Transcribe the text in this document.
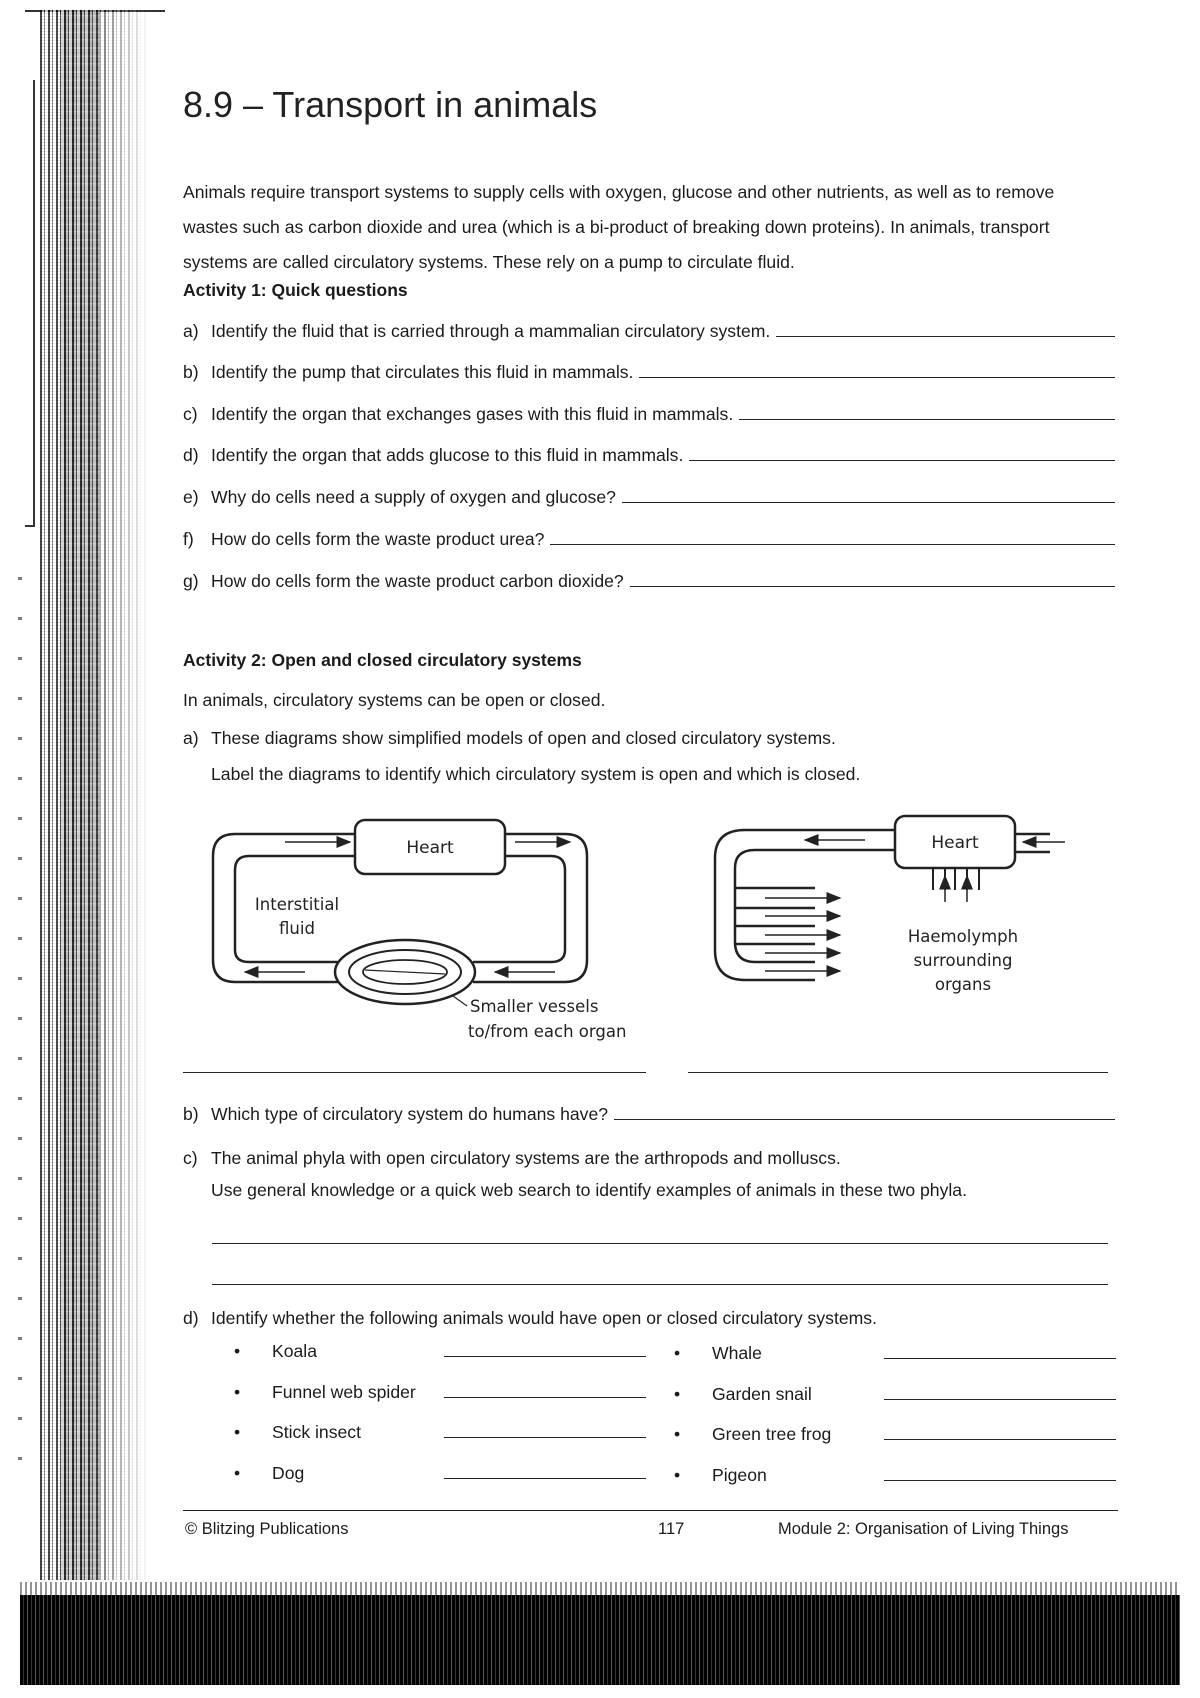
8.9 – Transport in animals

Animals require transport systems to supply cells with oxygen, glucose and other nutrients, as well as to remove wastes such as carbon dioxide and urea (which is a bi-product of breaking down proteins). In animals, transport systems are called circulatory systems. These rely on a pump to circulate fluid.

Activity 1: Quick questions
a) Identify the fluid that is carried through a mammalian circulatory system.
b) Identify the pump that circulates this fluid in mammals.
c) Identify the organ that exchanges gases with this fluid in mammals.
d) Identify the organ that adds glucose to this fluid in mammals.
e) Why do cells need a supply of oxygen and glucose?
f) How do cells form the waste product urea?
g) How do cells form the waste product carbon dioxide?
Activity 2: Open and closed circulatory systems

In animals, circulatory systems can be open or closed.

a) These diagrams show simplified models of open and closed circulatory systems.

Label the diagrams to identify which circulatory system is open and which is closed.

Heart
Interstitial
fluid
Smaller vessels
to/from each organ
Heart
Haemolymph
surrounding
organs
b) Which type of circulatory system do humans have?

c) The animal phyla with open circulatory systems are the arthropods and molluscs.

Use general knowledge or a quick web search to identify examples of animals in these two phyla.

d) Identify whether the following animals would have open or closed circulatory systems.

•	Koala
•	Funnel web spider
•	Stick insect
•	Dog
•	Whale
•	Garden snail
•	Green tree frog
•	Pigeon
© Blitzing Publications	117	Module 2: Organisation of Living Things
